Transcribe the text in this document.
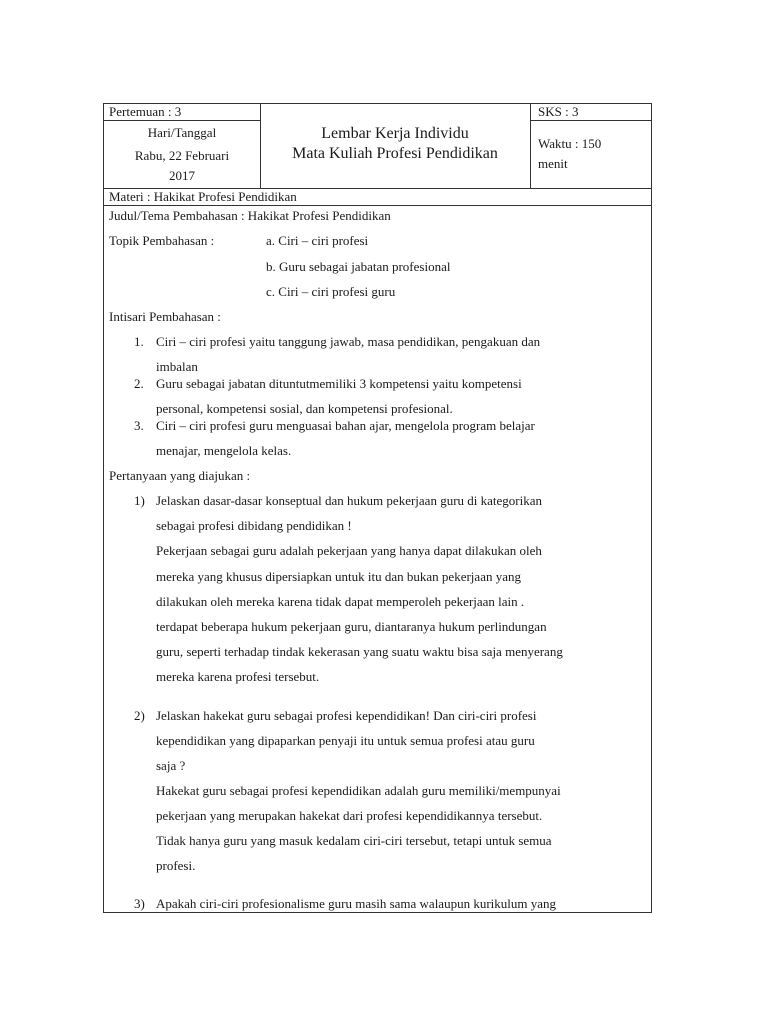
Pertemuan : 3
Hari/Tanggal
Rabu, 22 Februari
2017
Lembar Kerja Individu
Mata Kuliah Profesi Pendidikan
SKS : 3
Waktu : 150
menit
Materi : Hakikat Profesi Pendidikan
Judul/Tema Pembahasan : Hakikat Profesi Pendidikan
Topik Pembahasan :	a. Ciri – ciri profesi
b. Guru sebagai jabatan profesional
c. Ciri – ciri profesi guru
Intisari Pembahasan :
1. Ciri – ciri profesi yaitu tanggung jawab, masa pendidikan, pengakuan dan
imbalan
2. Guru sebagai jabatan dituntutmemiliki 3 kompetensi yaitu kompetensi
personal, kompetensi sosial, dan kompetensi profesional.
3. Ciri – ciri profesi guru menguasai bahan ajar, mengelola program belajar
menajar, mengelola kelas.
Pertanyaan yang diajukan :
1) Jelaskan dasar-dasar konseptual dan hukum pekerjaan guru di kategorikan
sebagai profesi dibidang pendidikan !
Pekerjaan sebagai guru adalah pekerjaan yang hanya dapat dilakukan oleh
mereka yang khusus dipersiapkan untuk itu dan bukan pekerjaan yang
dilakukan oleh mereka karena tidak dapat memperoleh pekerjaan lain .
terdapat beberapa hukum pekerjaan guru, diantaranya hukum perlindungan
guru, seperti terhadap tindak kekerasan yang suatu waktu bisa saja menyerang
mereka karena profesi tersebut.
2) Jelaskan hakekat guru sebagai profesi kependidikan! Dan ciri-ciri profesi
kependidikan yang dipaparkan penyaji itu untuk semua profesi atau guru
saja ?
Hakekat guru sebagai profesi kependidikan adalah guru memiliki/mempunyai
pekerjaan yang merupakan hakekat dari profesi kependidikannya tersebut.
Tidak hanya guru yang masuk kedalam ciri-ciri tersebut, tetapi untuk semua
profesi.
3) Apakah ciri-ciri profesionalisme guru masih sama walaupun kurikulum yang
